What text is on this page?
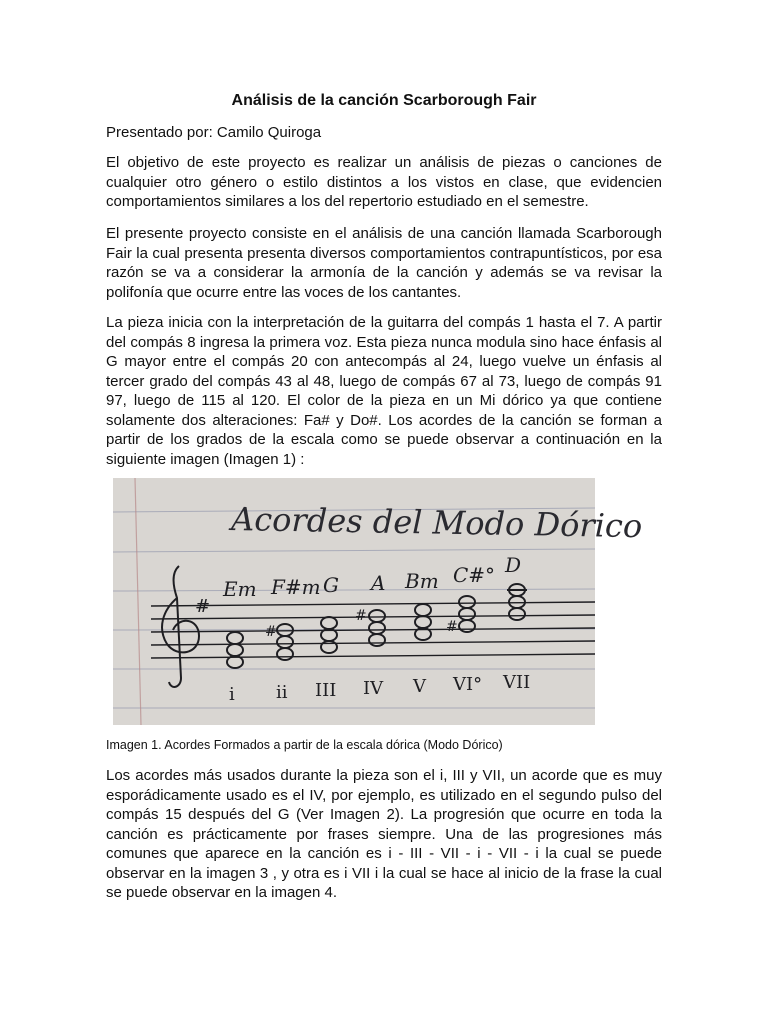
Análisis de la canción Scarborough Fair

Presentado por: Camilo Quiroga

El objetivo de este proyecto es realizar un análisis de piezas o canciones de cualquier otro género o estilo distintos a los vistos en clase, que evidencien comportamientos similares a los del repertorio estudiado en el semestre.

El presente proyecto consiste en el análisis de una canción llamada Scarborough Fair la cual presenta presenta diversos comportamientos contrapuntísticos, por esa razón se va a considerar la armonía de la canción y además se va revisar la polifonía que ocurre entre las voces de los cantantes.

La pieza inicia con la interpretación de la guitarra del compás 1 hasta el 7. A partir del compás 8 ingresa la primera voz. Esta pieza nunca modula sino hace énfasis al G mayor entre el compás 20 con antecompás al 24, luego vuelve un énfasis al tercer grado del compás 43 al 48, luego de compás 67 al 73, luego de compás 91 97, luego de 115 al 120. El color de la pieza en un Mi dórico ya que contiene solamente dos alteraciones: Fa# y Do#. Los acordes de la canción se forman a partir de los grados de la escala como se puede observar a continuación en la siguiente imagen (Imagen 1) :

Acordes del Modo Dórico
#
Em F#m G A Bm C#° D
#
#
#
i ii III IV V VI° VII

Imagen 1. Acordes Formados a partir de la escala dórica (Modo Dórico)

Los acordes más usados durante la pieza son el i, III y VII, un acorde que es muy esporádicamente usado es el IV, por ejemplo, es utilizado en el segundo pulso del compás 15 después del G (Ver Imagen 2). La progresión que ocurre en toda la canción es prácticamente por frases siempre. Una de las progresiones más comunes que aparece en la canción es i - III - VII - i - VII - i la cual se puede observar en la imagen 3 , y otra es i VII i la cual se hace al inicio de la frase la cual se puede observar en la imagen 4.
